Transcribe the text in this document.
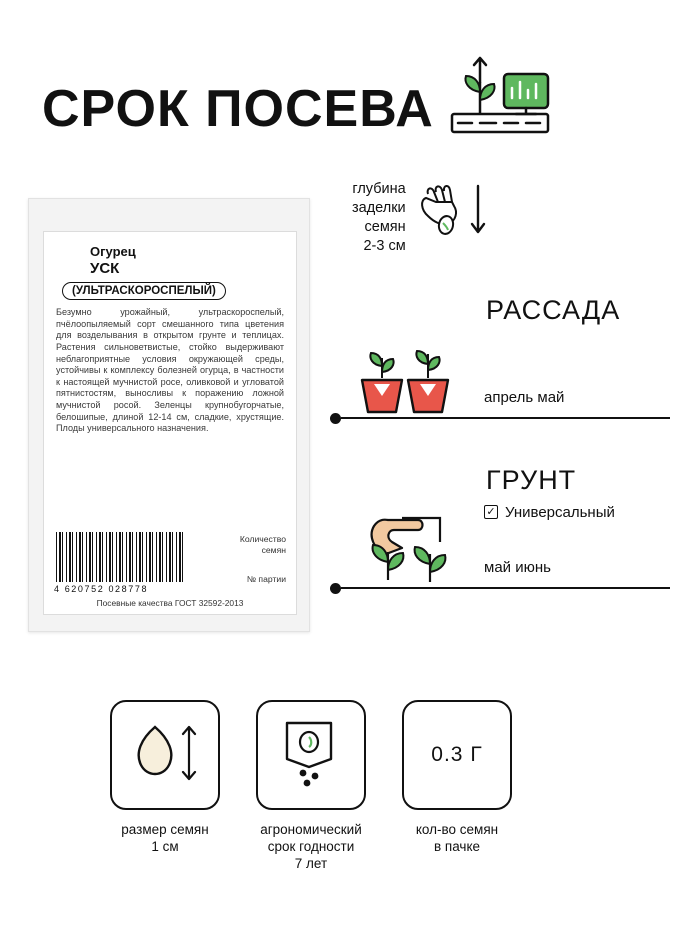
СРОК ПОСЕВА
Огурец
УСК
(УЛЬТРАСКОРОСПЕЛЫЙ)
Безумно урожайный, ультраскороспелый, пчёлоопыляемый сорт смешанного типа цветения для возделывания в открытом грунте и теплицах. Растения сильноветвистые, стойко выдерживают неблагоприятные условия окружающей среды, устойчивы к комплексу болезней огурца, в частности к настоящей мучнистой росе, оливковой и угловатой пятнистостям, выносливы к поражению ложной мучнистой росой. Зеленцы крупнобугорчатые, белошипые, длиной 12-14 см, сладкие, хрустящие. Плоды универсального назначения.
4 620752 028778
Количество
семян
№ партии
Посевные качества ГОСТ 32592-2013
глубина
заделки
семян
2-3 см
РАССАДА
апрель май
ГРУНТ
✓ Универсальный
май июнь
0.3 Г
размер семян
1 см
агрономический
срок годности
7 лет
кол-во семян
в пачке
